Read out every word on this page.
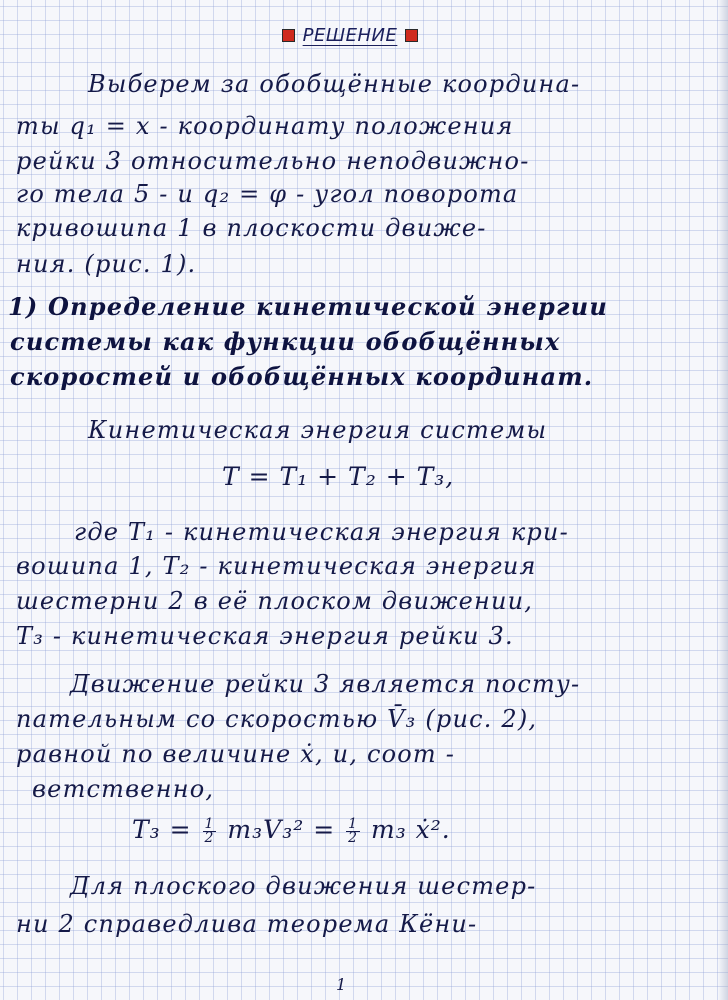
РЕШЕНИЕ
Выберем за обобщённые координа-
ты q₁ = x - координату положения
рейки 3 относительно неподвижно-
го тела 5 - и q₂ = φ - угол поворота
кривошипа 1 в плоскости движе-
ния. (рис. 1).
1) Определение кинетической энергии
системы как функции обобщённых
скоростей и обобщённых координат.
Кинетическая энергия системы
T = T₁ + T₂ + T₃,
где T₁ - кинетическая энергия кри-
вошипа 1, T₂ - кинетическая энергия
шестерни 2 в её плоском движении,
T₃ - кинетическая энергия рейки 3.
Движение рейки 3 является посту-
пательным со скоростью V̄₃ (рис. 2),
равной по величине ẋ, и, соот -
ветственно,
$T_3 = \frac{1}{2} m_3V_3^2 = \frac{1}{2} m_3$ ẋ².
Для плоского движения шестер-
ни 2 справедлива теорема Кёни-
1
